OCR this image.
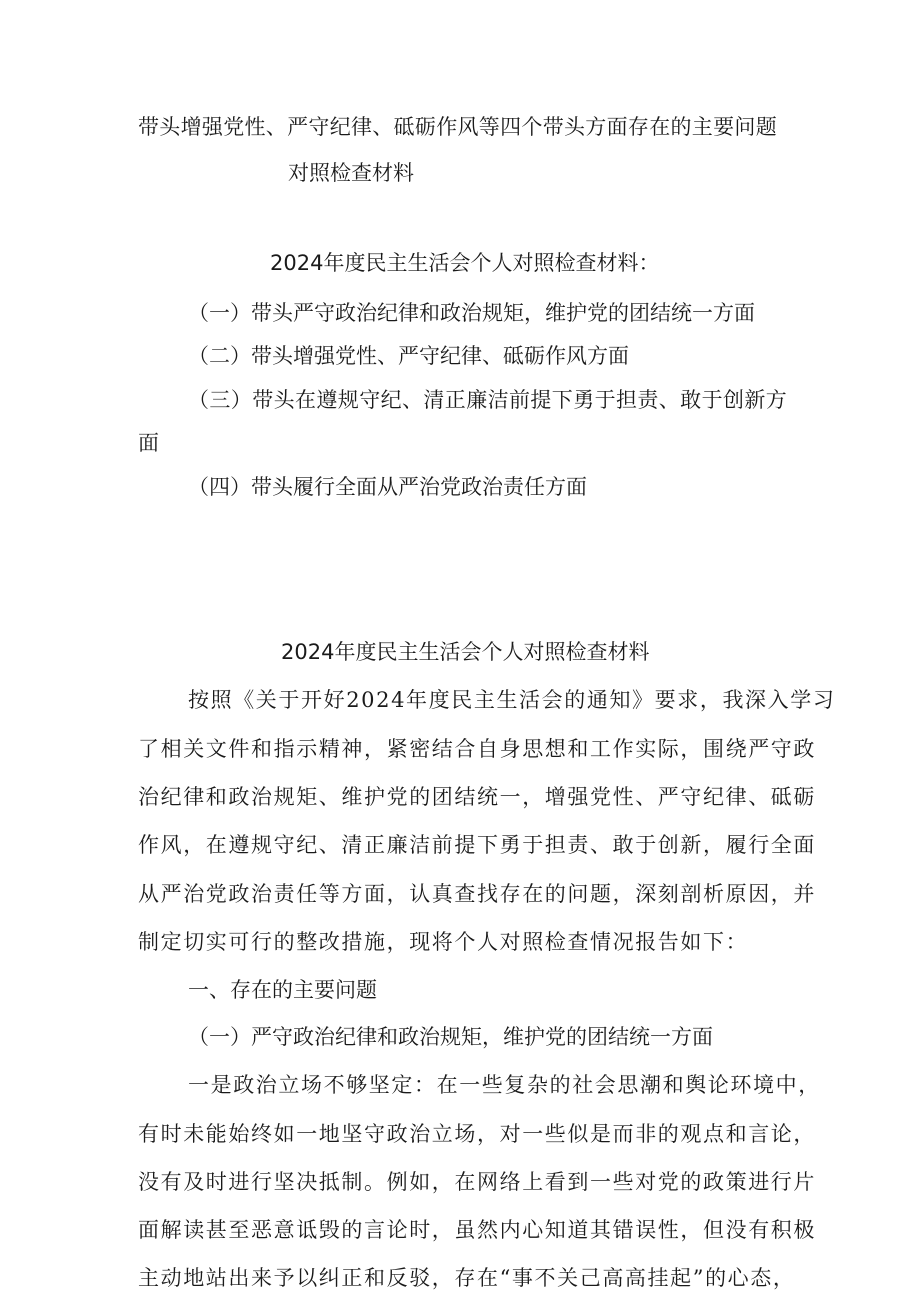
带头增强党性、严守纪律、砥砺作风等四个带头方面存在的主要问题
对照检查材料
2024年度民主生活会个人对照检查材料：
（一）带头严守政治纪律和政治规矩，维护党的团结统一方面
（二）带头增强党性、严守纪律、砥砺作风方面
（三）带头在遵规守纪、清正廉洁前提下勇于担责、敢于创新方
面
（四）带头履行全面从严治党政治责任方面
2024年度民主生活会个人对照检查材料
按照《关于开好2024年度民主生活会的通知》要求，我深入学习
了相关文件和指示精神，紧密结合自身思想和工作实际，围绕严守政
治纪律和政治规矩、维护党的团结统一，增强党性、严守纪律、砥砺
作风，在遵规守纪、清正廉洁前提下勇于担责、敢于创新，履行全面
从严治党政治责任等方面，认真查找存在的问题，深刻剖析原因，并
制定切实可行的整改措施，现将个人对照检查情况报告如下：
一、存在的主要问题
（一）严守政治纪律和政治规矩，维护党的团结统一方面
一是政治立场不够坚定：在一些复杂的社会思潮和舆论环境中，
有时未能始终如一地坚守政治立场，对一些似是而非的观点和言论，
没有及时进行坚决抵制。例如，在网络上看到一些对党的政策进行片
面解读甚至恶意诋毁的言论时，虽然内心知道其错误性，但没有积极
主动地站出来予以纠正和反驳，存在“事不关己高高挂起”的心态，
